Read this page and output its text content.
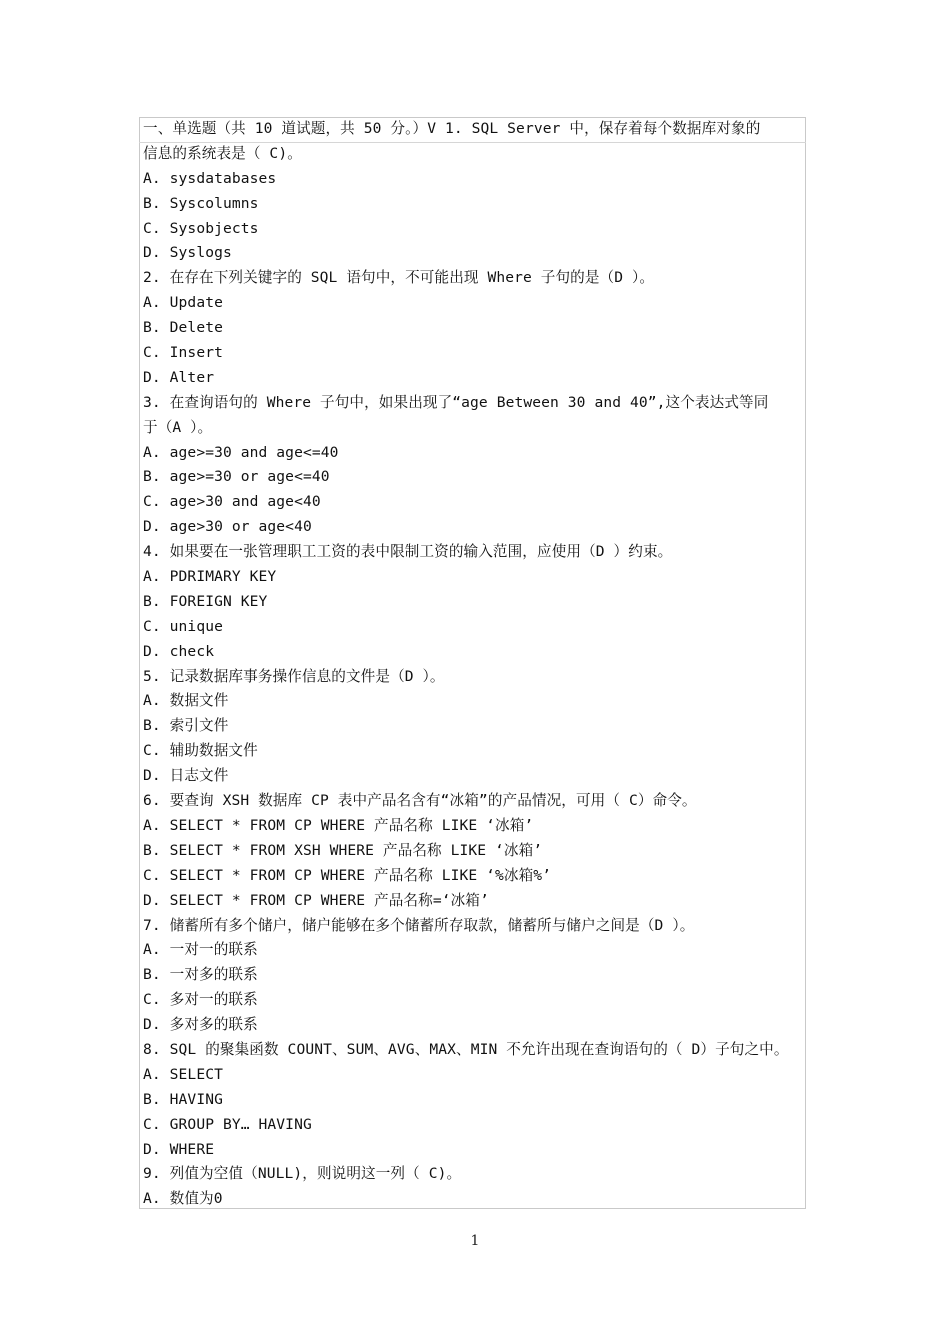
一、单选题（共 10 道试题，共 50 分。）V 1. SQL Server 中，保存着每个数据库对象的
信息的系统表是（ C)。
A. sysdatabases
B. Syscolumns
C. Sysobjects
D. Syslogs
2. 在存在下列关键字的 SQL 语句中，不可能出现 Where 子句的是（D ）。
A. Update
B. Delete
C. Insert
D. Alter
3. 在查询语句的 Where 子句中，如果出现了“age Between 30 and 40”,这个表达式等同
于（A ）。
A. age>=30 and age<=40
B. age>=30 or age<=40
C. age>30 and age<40
D. age>30 or age<40
4. 如果要在一张管理职工工资的表中限制工资的输入范围，应使用（D ）约束。
A. PDRIMARY KEY
B. FOREIGN KEY
C. unique
D. check
5. 记录数据库事务操作信息的文件是（D ）。
A. 数据文件
B. 索引文件
C. 辅助数据文件
D. 日志文件
6. 要查询 XSH 数据库 CP 表中产品名含有“冰箱”的产品情况，可用（ C）命令。
A. SELECT * FROM CP WHERE 产品名称 LIKE ‘冰箱’
B. SELECT * FROM XSH WHERE 产品名称 LIKE ‘冰箱’
C. SELECT * FROM CP WHERE 产品名称 LIKE ‘%冰箱%’
D. SELECT * FROM CP WHERE 产品名称=‘冰箱’
7. 储蓄所有多个储户，储户能够在多个储蓄所存取款，储蓄所与储户之间是（D ）。
A. 一对一的联系
B. 一对多的联系
C. 多对一的联系
D. 多对多的联系
8. SQL 的聚集函数 COUNT、SUM、AVG、MAX、MIN 不允许出现在查询语句的（ D）子句之中。
A. SELECT
B. HAVING
C. GROUP BY… HAVING
D. WHERE
9. 列值为空值（NULL)，则说明这一列（ C)。
A. 数值为0
1
